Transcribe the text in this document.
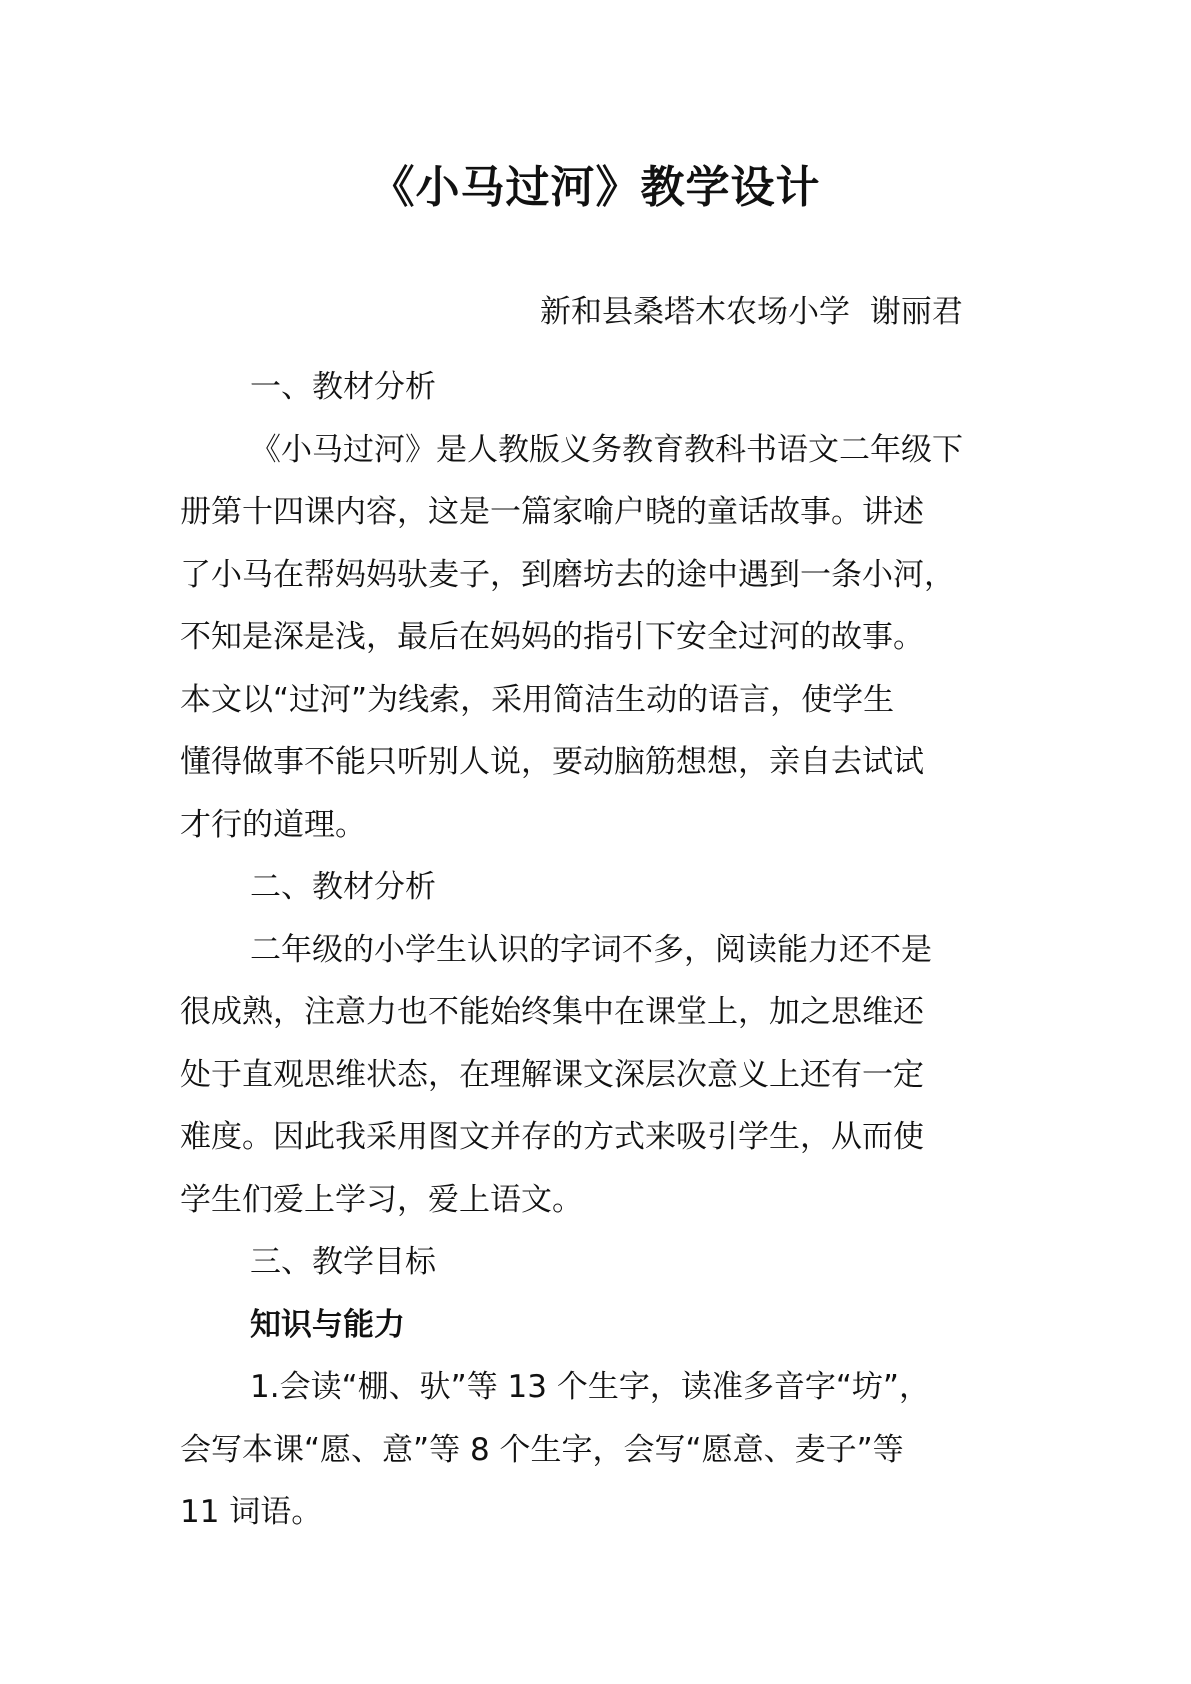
《小马过河》教学设计
新和县桑塔木农场小学  谢丽君
一、教材分析
《小马过河》是人教版义务教育教科书语文二年级下
册第十四课内容，这是一篇家喻户晓的童话故事。讲述
了小马在帮妈妈驮麦子，到磨坊去的途中遇到一条小河，
不知是深是浅，最后在妈妈的指引下安全过河的故事。
本文以“过河”为线索，采用简洁生动的语言，使学生
懂得做事不能只听别人说，要动脑筋想想，亲自去试试
才行的道理。
二、教材分析
二年级的小学生认识的字词不多，阅读能力还不是
很成熟，注意力也不能始终集中在课堂上，加之思维还
处于直观思维状态，在理解课文深层次意义上还有一定
难度。因此我采用图文并存的方式来吸引学生，从而使
学生们爱上学习，爱上语文。
三、教学目标
知识与能力
1.会读“棚、驮”等 13 个生字，读准多音字“坊”，
会写本课“愿、意”等 8 个生字，会写“愿意、麦子”等
11 词语。
